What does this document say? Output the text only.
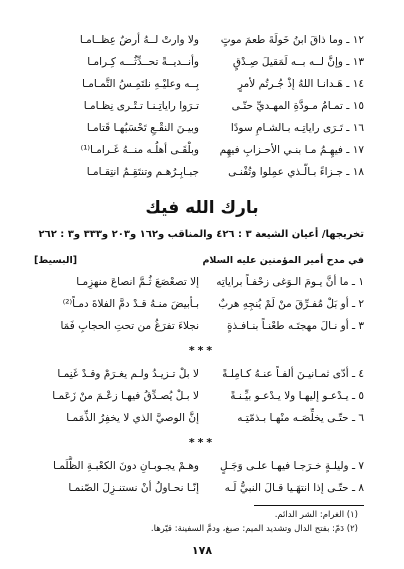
١٢ ـ وما ذاقَ ابنُ خَولَةَ طعمَ موتٍ
ولا وارتْ لــهُ أرضٌ عِظــامـا
١٣ ـ وإنَّ لــه بــه لَمَقيلَ صِـدْقٍ
وأنــديــةً تحــدِّثُـــه كِـرامـا
١٤ ـ هَـدانـا اللهُ إذْ جُـرتُم لأمرٍ
بِــه وعليْـهِ نلتَمِـسُ التَّمـامـا
١٥ ـ تمـامُ مـودَّةِ المهـديِّ حتّـى
تـرَوا راياتِـنـا تـتْـرى نِظـامـا
١٦ ـ تَـرَى راياتِـه بـالشـامِ سودًا
وبيـنَ النقْـعِ تَحْسَبُهـا قَتامـا
١٧ ـ فيهِـمُ مـا بنـي الأحـزابِ فيهِم
وبلْقَـى أهلُـه منــهُ غَـرامـا⁽¹⁾
١٨ ـ جـزاءً بـالّـذي عمِلوا وتُفْنـى
جبـابِـرُهـم وتنتَقِـمُ انتِقـامـا
بارك الله فيك
تخريجها/ أعيان الشيعة ٣ : ٤٢٦ والمناقب و١٦٢ و٢٠٣ و٣٣٣ و٣ : ٢٦٢
في مدح أمير المؤمنين عليه السلام
[البسيط]
١ ـ ما أنَّ يـومَ الـوَغى زحْفـاً براياتِه
إلا تصعْصَعَ ثُـمَّ انصاعَ منهزِمـا
٢ ـ أو بَلْ مُفـرِّقَ منْ لَمْ يُنجِهِ هربٌ
بـأبيضَ منـهُ قـدْ دمَّ الفلاةَ دمـاً⁽²⁾
٣ ـ أو نـالَ مهجتَـه طعْنـاً بنـافـذةٍ
نجلاءَ تفرَغُ من تحتِ الحجابِ فَمَا
***
٤ ـ أدّى ثمـانيـنَ ألفـاً عنـهُ كـامِلـةً
لا بلْ تـزيـدُ ولـم يغـرَمْ وقـدْ غَنِمـا
٥ ـ يـدْعـو إليهـا ولا يـدْعـو بيِّـنـةً
لا بـلْ يُصـدِّقُ فيهـا زعْـمَ منْ زَعَمـا
٦ ـ حتّـى يخلِّصَـه منْهـا بـذمّتِـه
إنَّ الوصيَّ الذي لا يخفِرُ الذِّمَمـا
***
٧ ـ وليلـةٍ خـرَجـا فيهـا علـى وَجَـلٍ
وهـمْ يجـوبـانِ دونَ الكعْبـةِ الظُّلَمـا
٨ ـ حتّـى إذا انتهَـيا قـالَ النبيُّ لَـه
إنّـا نحـاولُ أنْ نستنـزِلَ الصّنمـا
(١) الغرام: الشر الدائم.
(٢) دَمّ: بفتح الدال وتشديد الميم: صبغ، ودمَّ السفينة: قيّرها.
١٧٨
